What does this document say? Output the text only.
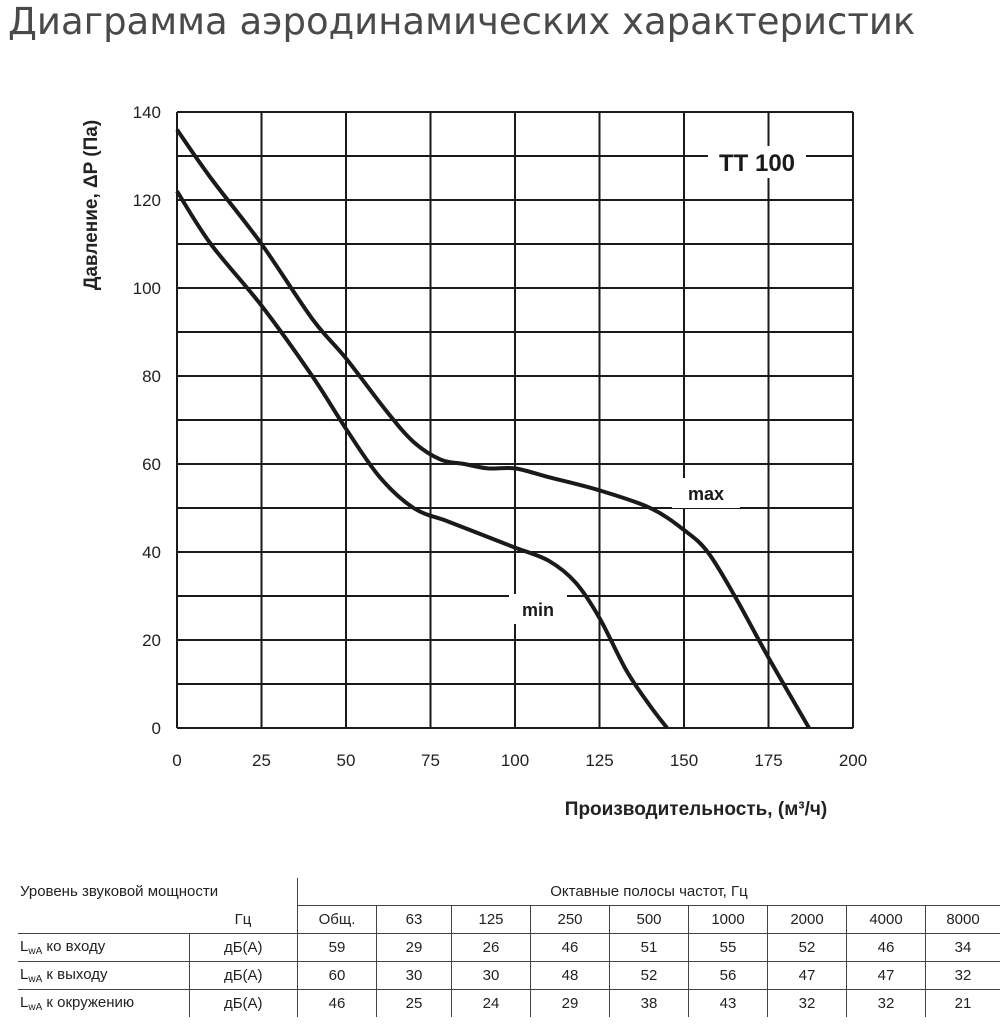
Диаграмма аэродинамических характеристик
0
20
40
60
80
100
120
140
0	25	50	75	100	125	150	175	200
TT 100
max
min
Производительность, (м³/ч)
Давление, ΔP (Па)
Уровень звуковой мощности		Октавные полосы частот, Гц								
	Гц	Общ.	63	125	250	500	1000	2000	4000	8000
$L_{wA}$ ко входу	дБ(А)	59	29	26	46	51	55	52	46	34
$L_{wA}$ к выходу	дБ(А)	60	30	30	48	52	56	47	47	32
$L_{wA}$ к окружению	дБ(А)	46	25	24	29	38	43	32	32	21
